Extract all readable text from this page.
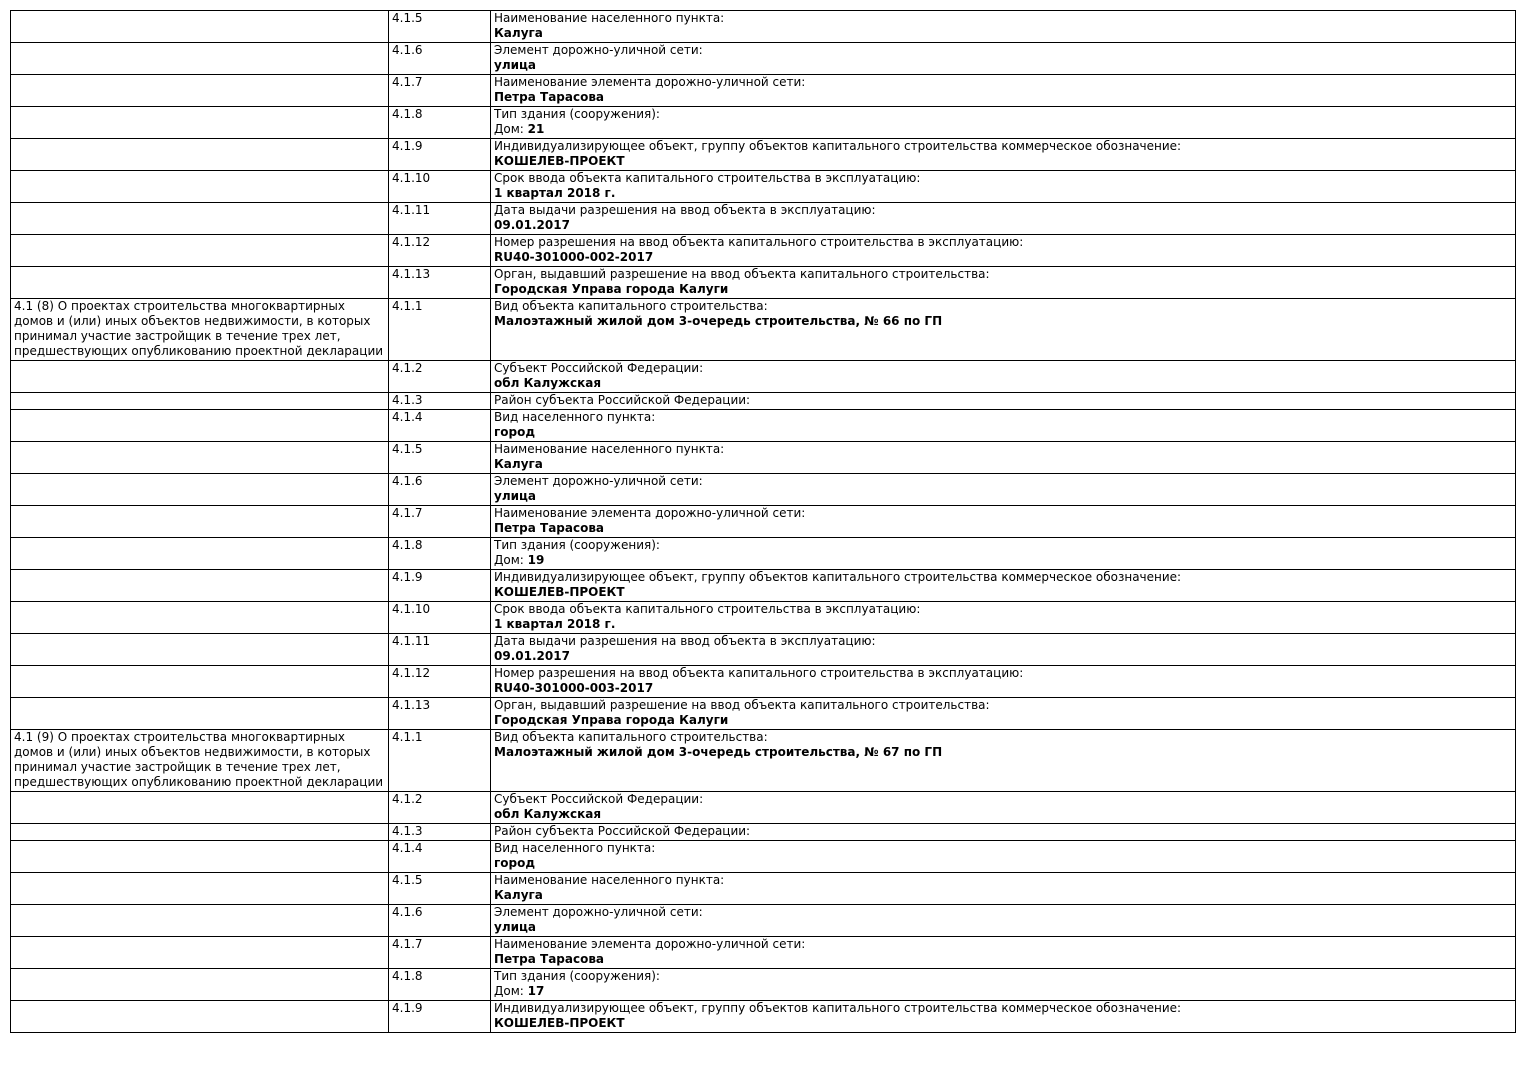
	4.1.5	Наименование населенного пункта:
Калуга

	4.1.6	Элемент дорожно-уличной сети:
улица

	4.1.7	Наименование элемента дорожно-уличной сети:
Петра Тарасова

	4.1.8	Тип здания (сооружения):
Дом: 21

	4.1.9	Индивидуализирующее объект, группу объектов капитального строительства коммерческое обозначение:
КОШЕЛЕВ-ПРОЕКТ

	4.1.10	Срок ввода объекта капитального строительства в эксплуатацию:
1 квартал 2018 г.

	4.1.11	Дата выдачи разрешения на ввод объекта в эксплуатацию:
09.01.2017

	4.1.12	Номер разрешения на ввод объекта капитального строительства в эксплуатацию:
RU40-301000-002-2017

	4.1.13	Орган, выдавший разрешение на ввод объекта капитального строительства:
Городская Управа города Калуги

4.1 (8) О проектах строительства многоквартирных домов и (или) иных объектов недвижимости, в которых принимал участие застройщик в течение трех лет, предшествующих опубликованию проектной декларации	4.1.1	Вид объекта капитального строительства:
Малоэтажный жилой дом 3-очередь строительства, № 66 по ГП

	4.1.2	Субъект Российской Федерации:
обл Калужская

	4.1.3	Район субъекта Российской Федерации:

	4.1.4	Вид населенного пункта:
город

	4.1.5	Наименование населенного пункта:
Калуга

	4.1.6	Элемент дорожно-уличной сети:
улица

	4.1.7	Наименование элемента дорожно-уличной сети:
Петра Тарасова

	4.1.8	Тип здания (сооружения):
Дом: 19

	4.1.9	Индивидуализирующее объект, группу объектов капитального строительства коммерческое обозначение:
КОШЕЛЕВ-ПРОЕКТ

	4.1.10	Срок ввода объекта капитального строительства в эксплуатацию:
1 квартал 2018 г.

	4.1.11	Дата выдачи разрешения на ввод объекта в эксплуатацию:
09.01.2017

	4.1.12	Номер разрешения на ввод объекта капитального строительства в эксплуатацию:
RU40-301000-003-2017

	4.1.13	Орган, выдавший разрешение на ввод объекта капитального строительства:
Городская Управа города Калуги

4.1 (9) О проектах строительства многоквартирных домов и (или) иных объектов недвижимости, в которых принимал участие застройщик в течение трех лет, предшествующих опубликованию проектной декларации	4.1.1	Вид объекта капитального строительства:
Малоэтажный жилой дом 3-очередь строительства, № 67 по ГП

	4.1.2	Субъект Российской Федерации:
обл Калужская

	4.1.3	Район субъекта Российской Федерации:

	4.1.4	Вид населенного пункта:
город

	4.1.5	Наименование населенного пункта:
Калуга

	4.1.6	Элемент дорожно-уличной сети:
улица

	4.1.7	Наименование элемента дорожно-уличной сети:
Петра Тарасова

	4.1.8	Тип здания (сооружения):
Дом: 17

	4.1.9	Индивидуализирующее объект, группу объектов капитального строительства коммерческое обозначение:
КОШЕЛЕВ-ПРОЕКТ
